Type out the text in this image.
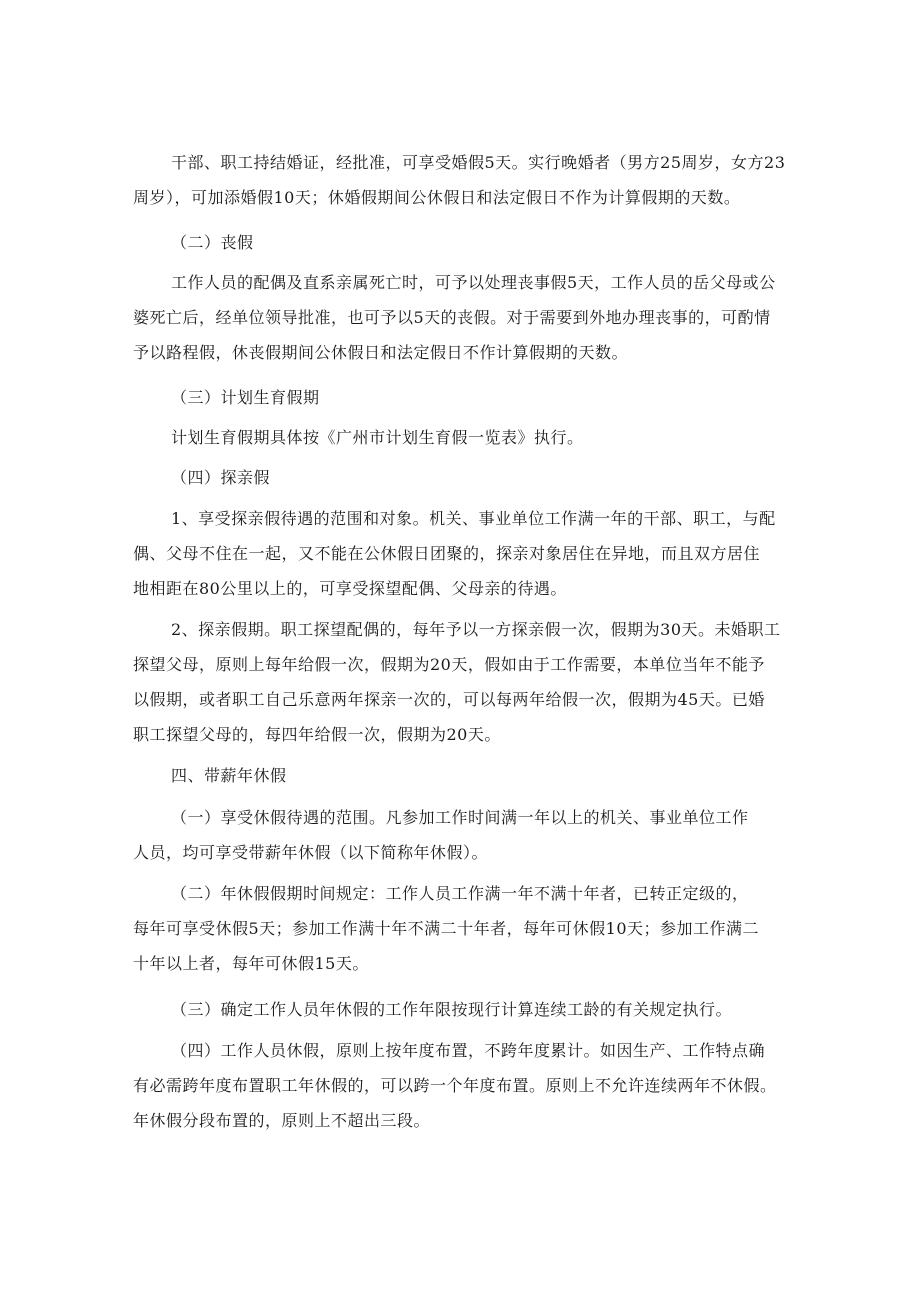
干部、职工持结婚证，经批准，可享受婚假5天。实行晚婚者（男方25周岁，女方23
周岁），可加添婚假10天；休婚假期间公休假日和法定假日不作为计算假期的天数。
（二）丧假
工作人员的配偶及直系亲属死亡时，可予以处理丧事假5天，工作人员的岳父母或公
婆死亡后，经单位领导批准，也可予以5天的丧假。对于需要到外地办理丧事的，可酌情
予以路程假，休丧假期间公休假日和法定假日不作计算假期的天数。
（三）计划生育假期
计划生育假期具体按《广州市计划生育假一览表》执行。
（四）探亲假
1、享受探亲假待遇的范围和对象。机关、事业单位工作满一年的干部、职工，与配
偶、父母不住在一起，又不能在公休假日团聚的，探亲对象居住在异地，而且双方居住
地相距在80公里以上的，可享受探望配偶、父母亲的待遇。
2、探亲假期。职工探望配偶的，每年予以一方探亲假一次，假期为30天。未婚职工
探望父母，原则上每年给假一次，假期为20天，假如由于工作需要，本单位当年不能予
以假期，或者职工自己乐意两年探亲一次的，可以每两年给假一次，假期为45天。已婚
职工探望父母的，每四年给假一次，假期为20天。
四、带薪年休假
（一）享受休假待遇的范围。凡参加工作时间满一年以上的机关、事业单位工作
人员，均可享受带薪年休假（以下简称年休假）。
（二）年休假假期时间规定：工作人员工作满一年不满十年者，已转正定级的，
每年可享受休假5天；参加工作满十年不满二十年者，每年可休假10天；参加工作满二
十年以上者，每年可休假15天。
（三）确定工作人员年休假的工作年限按现行计算连续工龄的有关规定执行。
（四）工作人员休假，原则上按年度布置，不跨年度累计。如因生产、工作特点确
有必需跨年度布置职工年休假的，可以跨一个年度布置。原则上不允许连续两年不休假。
年休假分段布置的，原则上不超出三段。
